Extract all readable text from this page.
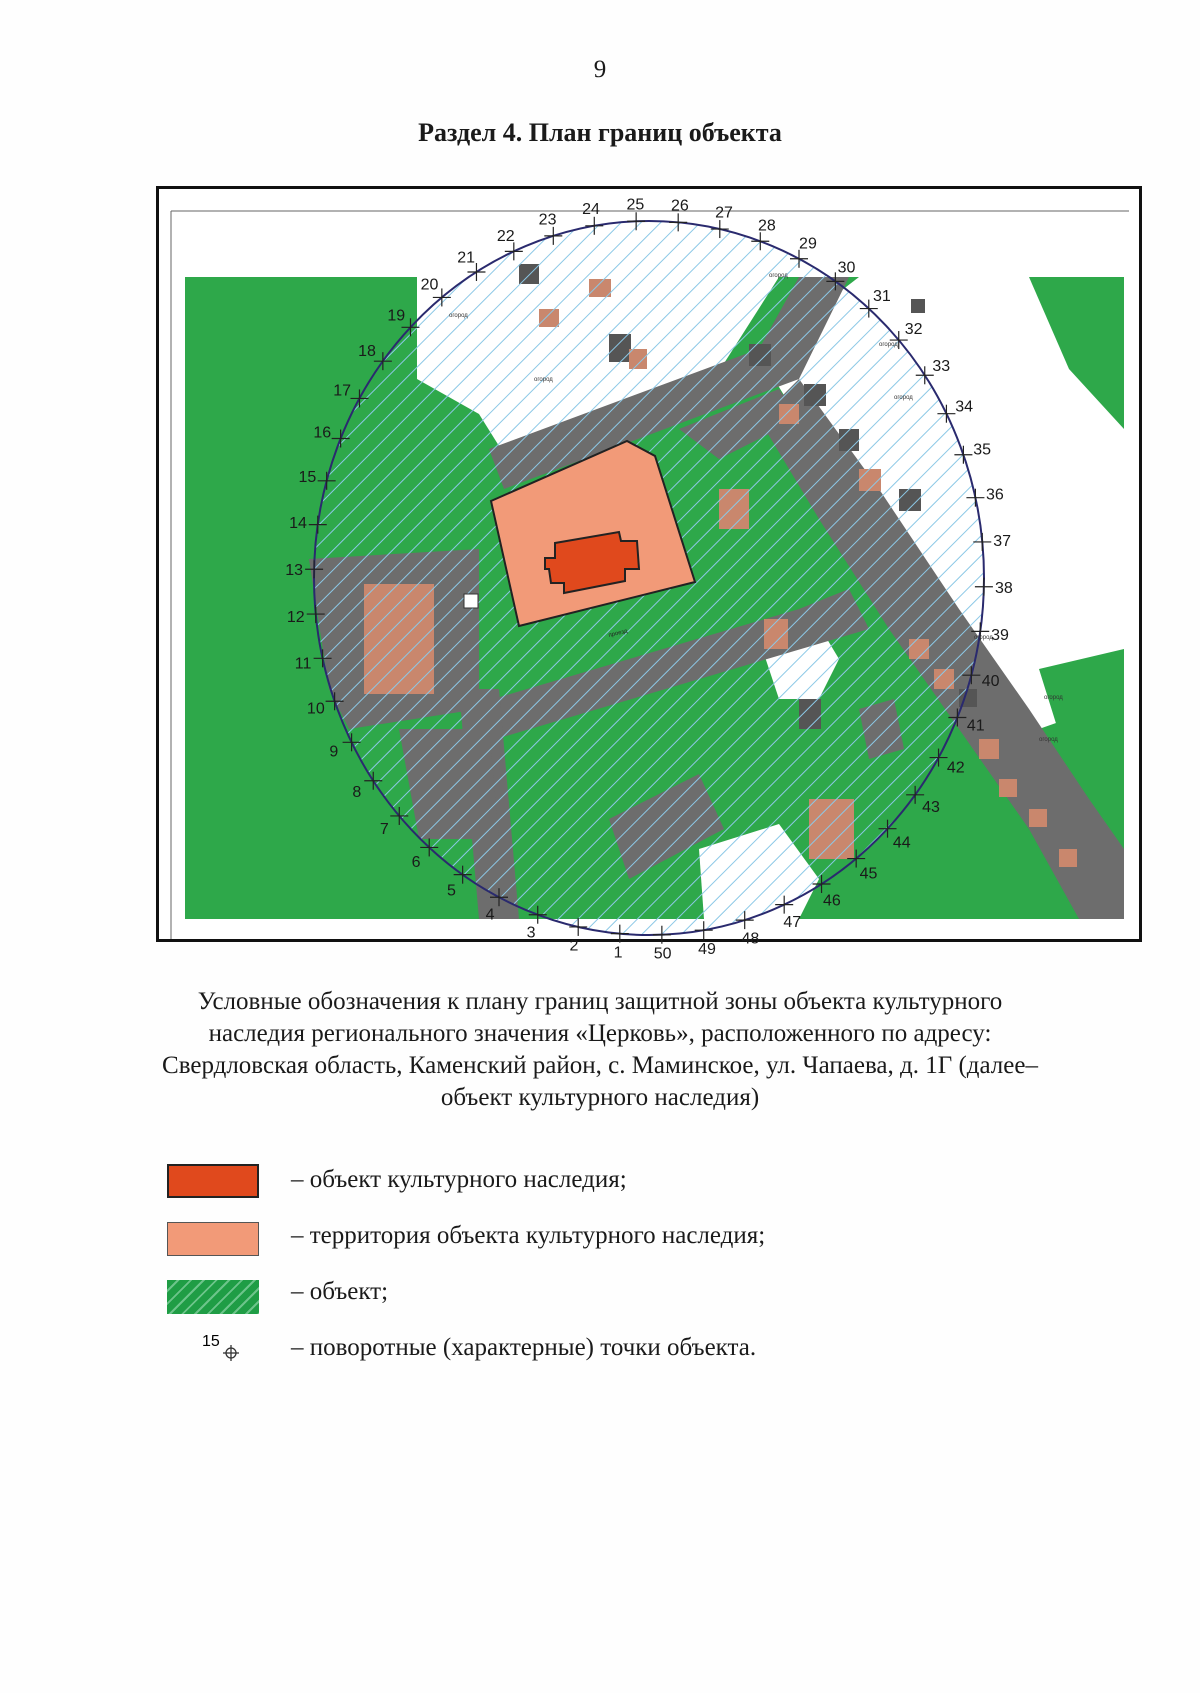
9
Раздел 4. План границ объекта
огород
огород
огород
огород
огород
огород
огород
огород
проезд
1
2
3
4
5
6
7
8
9
10
11
12
13
14
15
16
17
18
19
20
21
22
23
24 25 26 27
28
29
30
31
32
33
34
35
36
37
38
39
40
41
42
43
44
45
46
47
48
49
50
Условные обозначения к плану границ защитной зоны объекта культурного
наследия регионального значения «Церковь», расположенного по адресу:
Свердловская область, Каменский район, с. Маминское, ул. Чапаева, д. 1Г (далее–
объект культурного наследия)
– объект культурного наследия;
– территория объекта культурного наследия;
– объект;
15	– поворотные (характерные) точки объекта.
